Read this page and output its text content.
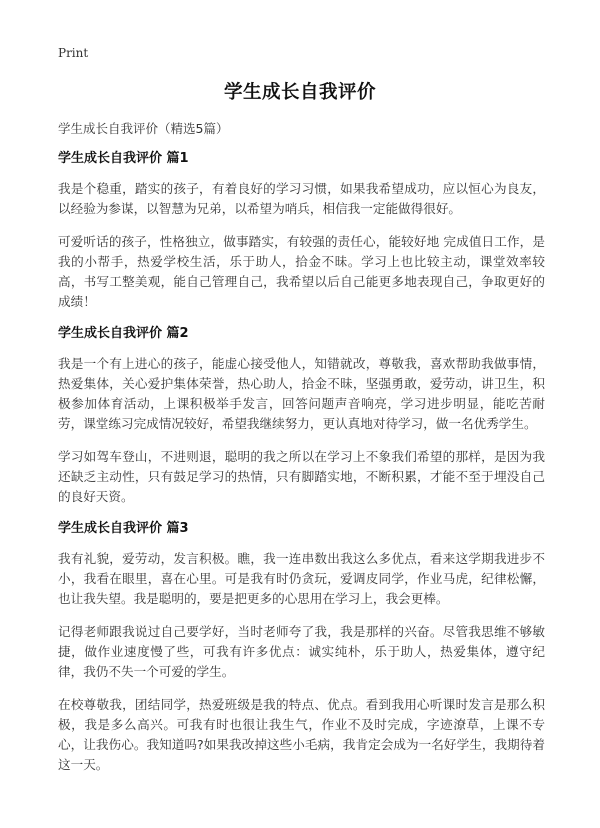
Print
学生成长自我评价
学生成长自我评价（精选5篇）
学生成长自我评价 篇1

我是个稳重，踏实的孩子，有着良好的学习习惯，如果我希望成功，应以恒心为良友，以经验为参谋，以智慧为兄弟，以希望为哨兵，相信我一定能做得很好。

可爱听话的孩子，性格独立，做事踏实，有较强的责任心，能较好地 完成值日工作，是我的小帮手，热爱学校生活，乐于助人，拾金不昧。学习上也比较主动，课堂效率较高，书写工整美观，能自己管理自己，我希望以后自己能更多地表现自己，争取更好的成绩！

学生成长自我评价 篇2

我是一个有上进心的孩子，能虚心接受他人，知错就改，尊敬我，喜欢帮助我做事情，热爱集体，关心爱护集体荣誉，热心助人，拾金不昧，坚强勇敢，爱劳动，讲卫生，积极参加体育活动，上课积极举手发言，回答问题声音响亮，学习进步明显，能吃苦耐劳，课堂练习完成情况较好，希望我继续努力，更认真地对待学习，做一名优秀学生。

学习如驾车登山，不进则退，聪明的我之所以在学习上不象我们希望的那样，是因为我还缺乏主动性，只有鼓足学习的热情，只有脚踏实地，不断积累，才能不至于埋没自己的良好天资。

学生成长自我评价 篇3

我有礼貌，爱劳动，发言积极。瞧，我一连串数出我这么多优点，看来这学期我进步不小，我看在眼里，喜在心里。可是我有时仍贪玩，爱调皮同学，作业马虎，纪律松懈，也让我失望。我是聪明的，要是把更多的心思用在学习上，我会更棒。

记得老师跟我说过自己要学好，当时老师夸了我，我是那样的兴奋。尽管我思维不够敏捷，做作业速度慢了些，可我有许多优点：诚实纯朴，乐于助人，热爱集体，遵守纪律，我仍不失一个可爱的学生。

在校尊敬我，团结同学，热爱班级是我的特点、优点。看到我用心听课时发言是那么积极，我是多么高兴。可我有时也很让我生气，作业不及时完成，字迹潦草，上课不专心，让我伤心。我知道吗?如果我改掉这些小毛病，我肯定会成为一名好学生，我期待着这一天。
